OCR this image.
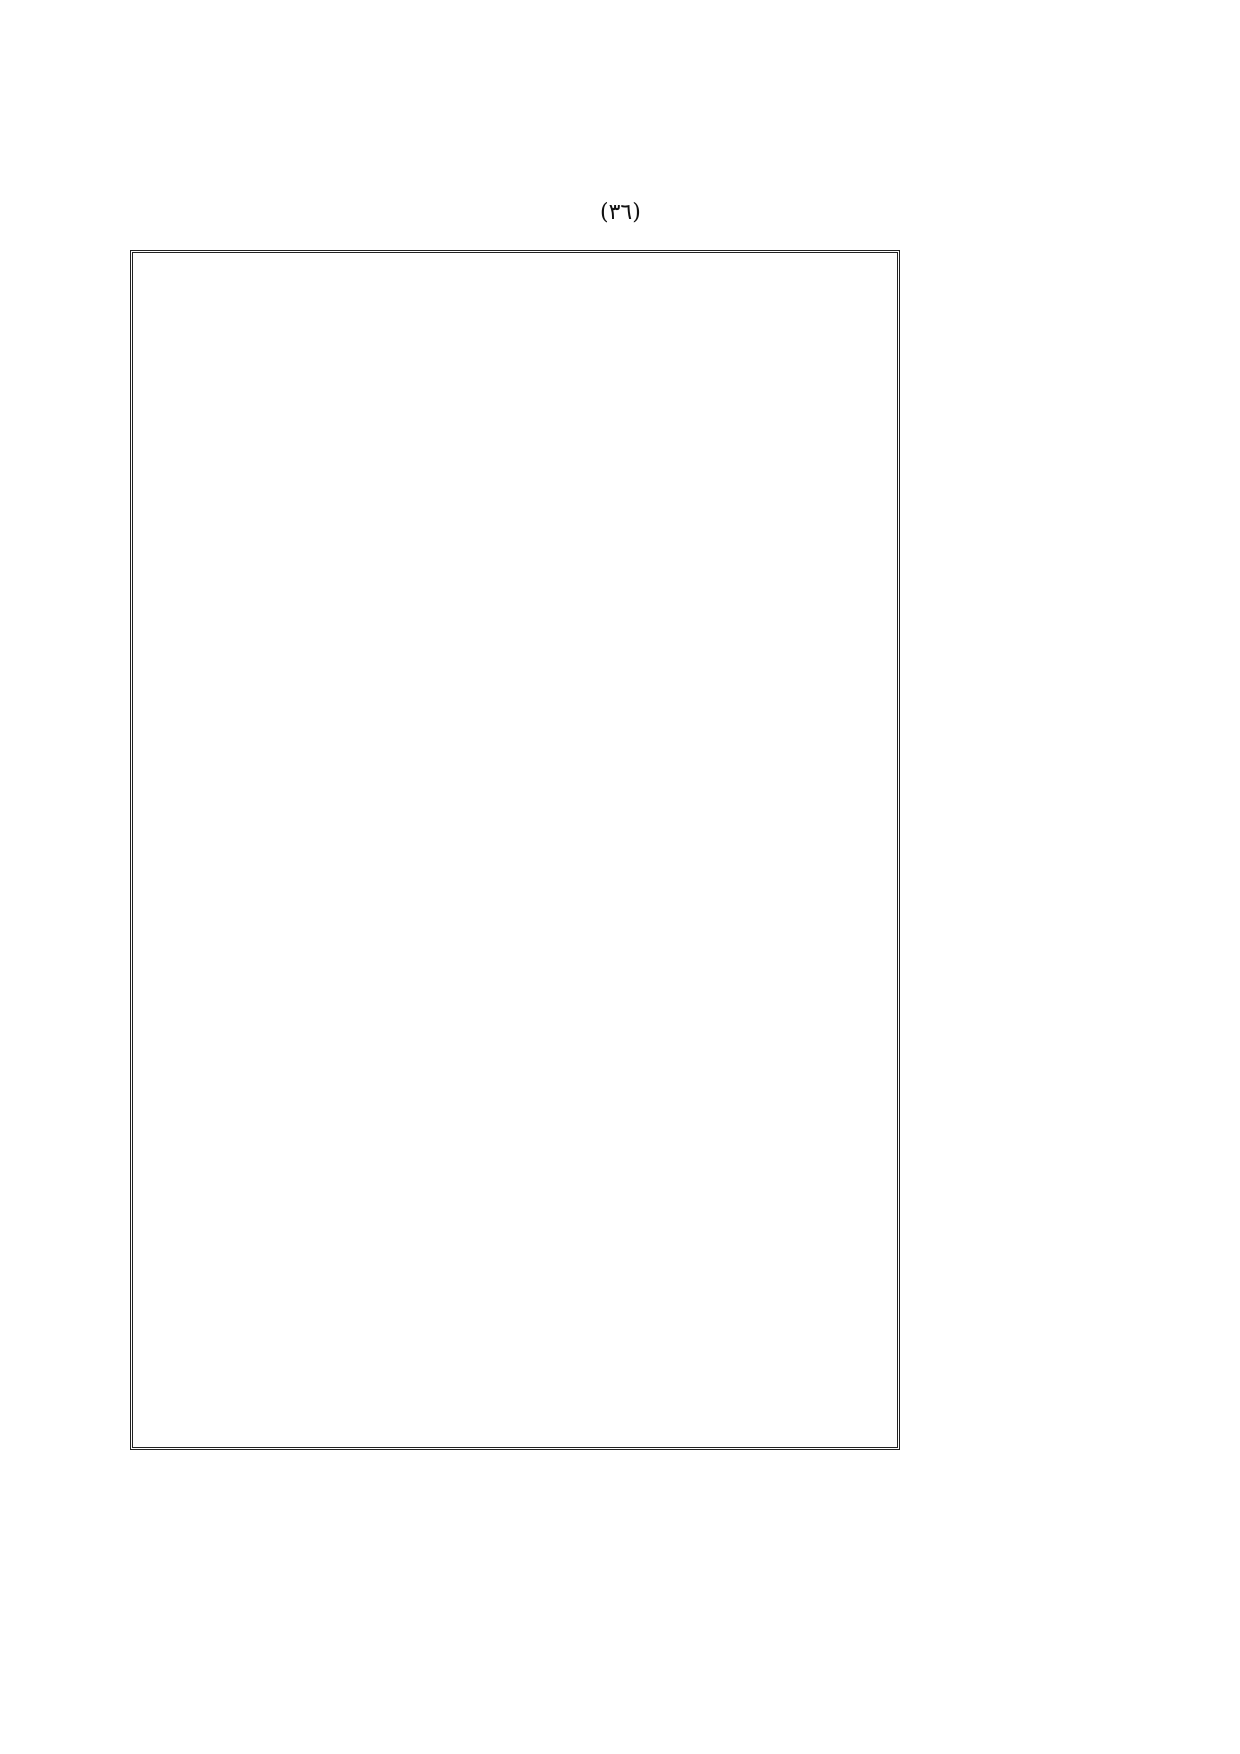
(٣٦)
